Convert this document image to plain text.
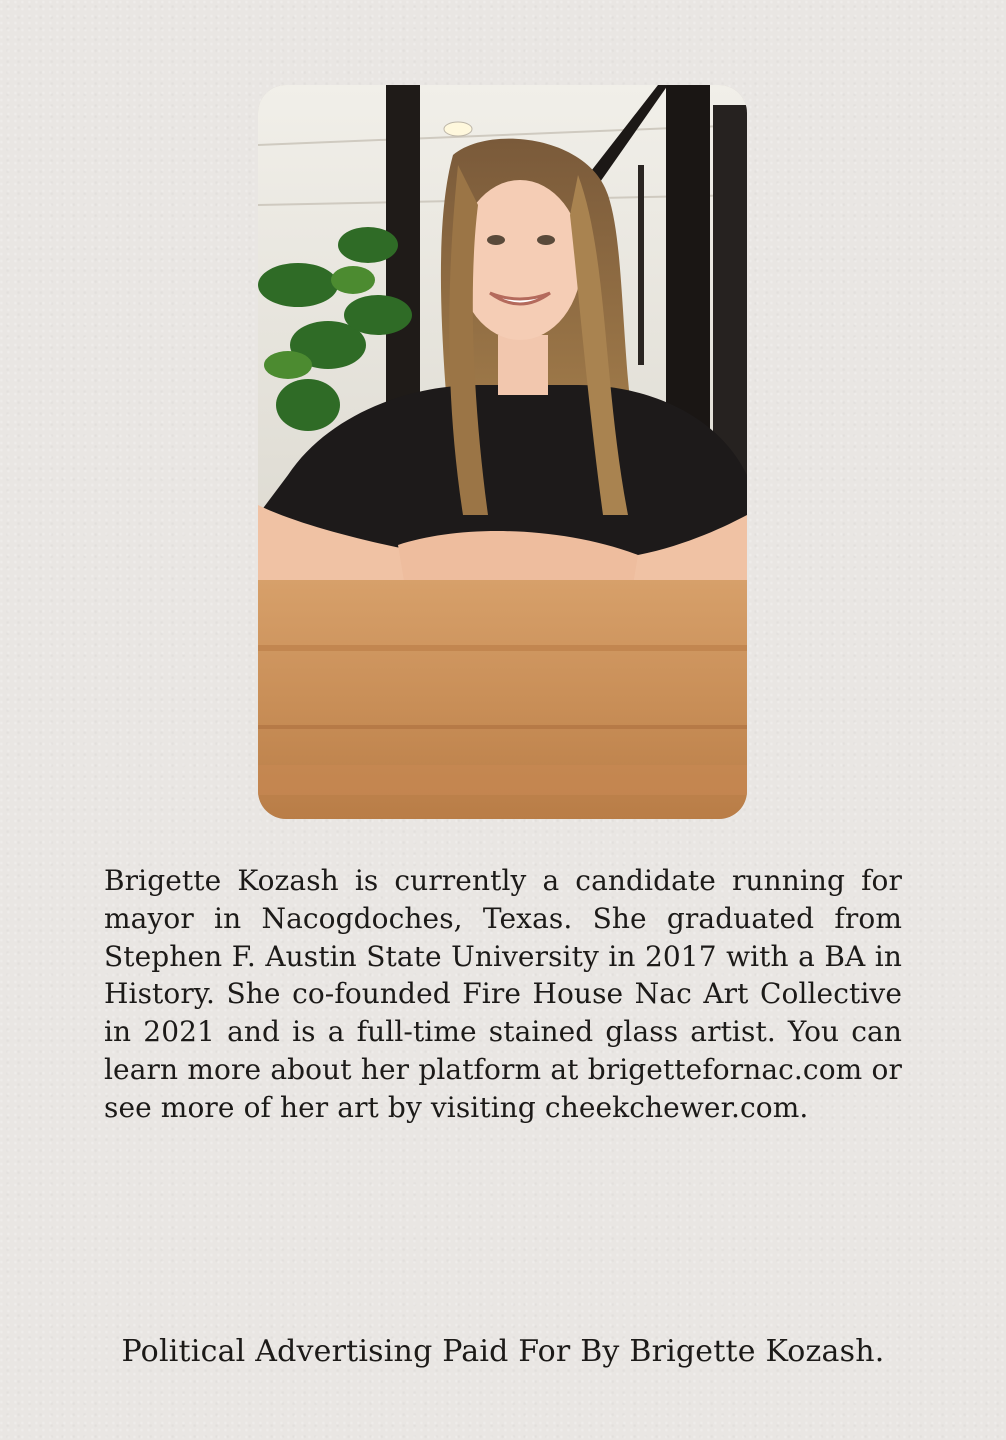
Brigette Kozash is currently a candidate running for mayor in Nacogdoches, Texas. She graduated from Stephen F. Austin State University in 2017 with a BA in History. She co-founded Fire House Nac Art Collective in 2021 and is a full-time stained glass artist. You can learn more about her platform at brigettefornac.com or see more of her art by visiting cheekchewer.com.

Political Advertising Paid For By Brigette Kozash.
